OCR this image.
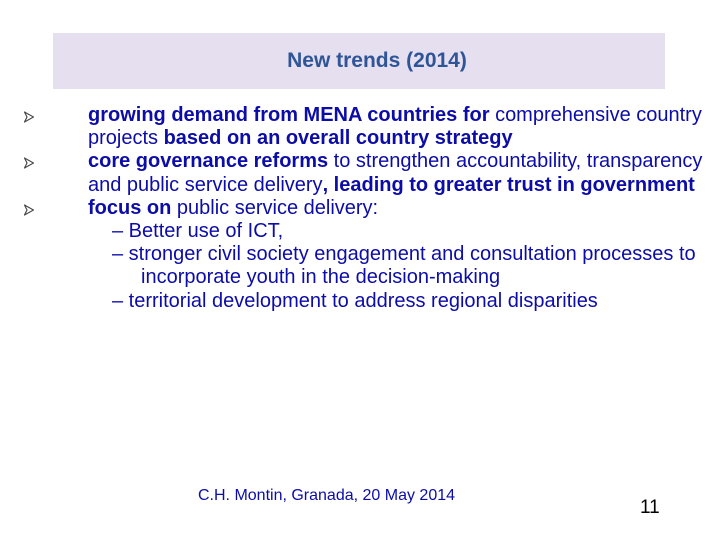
New trends (2014)

growing demand from MENA countries for comprehensive country projects based on an overall country strategy

core governance reforms to strengthen accountability, transparency and public service delivery, leading to greater trust in government

focus on public service delivery:

– Better use of ICT,

– stronger civil society engagement and consultation processes to incorporate youth in the decision-making

– territorial development to address regional disparities

C.H. Montin, Granada, 20 May 2014
11
